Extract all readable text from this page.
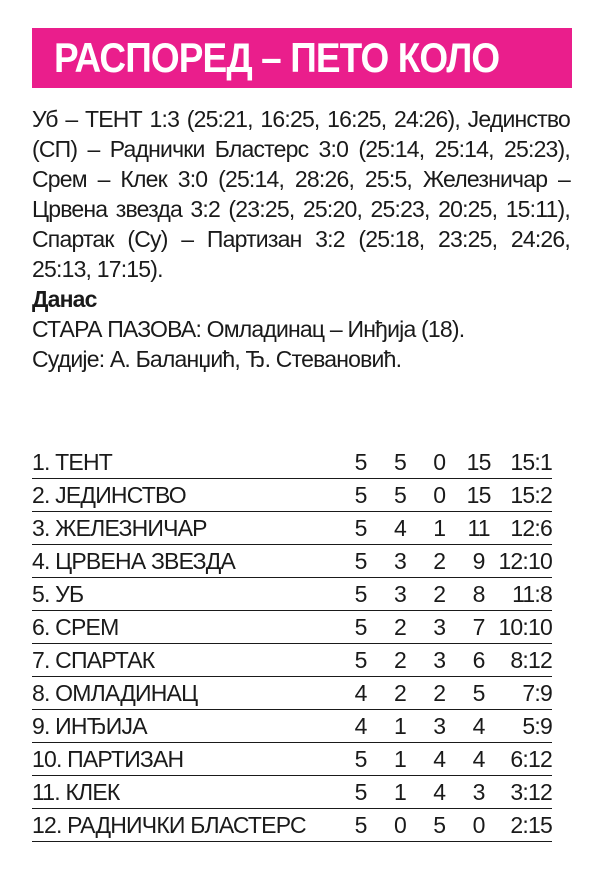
РАСПОРЕД – ПЕТО КОЛО

Уб – ТЕНТ 1:3 (25:21, 16:25, 16:25, 24:26), Јединство (СП) – Раднички Бластерс 3:0 (25:14, 25:14, 25:23), Срем – Клек 3:0 (25:14, 28:26, 25:5, Железничар – Црвена звезда 3:2 (23:25, 25:20, 25:23, 20:25, 15:11), Спартак (Су) – Партизан 3:2 (25:18, 23:25, 24:26, 25:13, 17:15).

Данас

СТАРА ПАЗОВА: Омладинац – Инђија (18).

Судије: А. Баланџић, Ђ. Стевановић.

1. ТЕНТ	5	5	0	15	15:1
2. ЈЕДИНСТВО	5	5	0	15	15:2
3. ЖЕЛЕЗНИЧАР	5	4	1	11	12:6
4. ЦРВЕНА ЗВЕЗДА	5	3	2	9	12:10
5. УБ	5	3	2	8	11:8
6. СРЕМ	5	2	3	7	10:10
7. СПАРТАК	5	2	3	6	8:12
8. ОМЛАДИНАЦ	4	2	2	5	7:9
9. ИНЂИЈА	4	1	3	4	5:9
10. ПАРТИЗАН	5	1	4	4	6:12
11. КЛЕК	5	1	4	3	3:12
12. РАДНИЧКИ БЛАСТЕРС	5	0	5	0	2:15
